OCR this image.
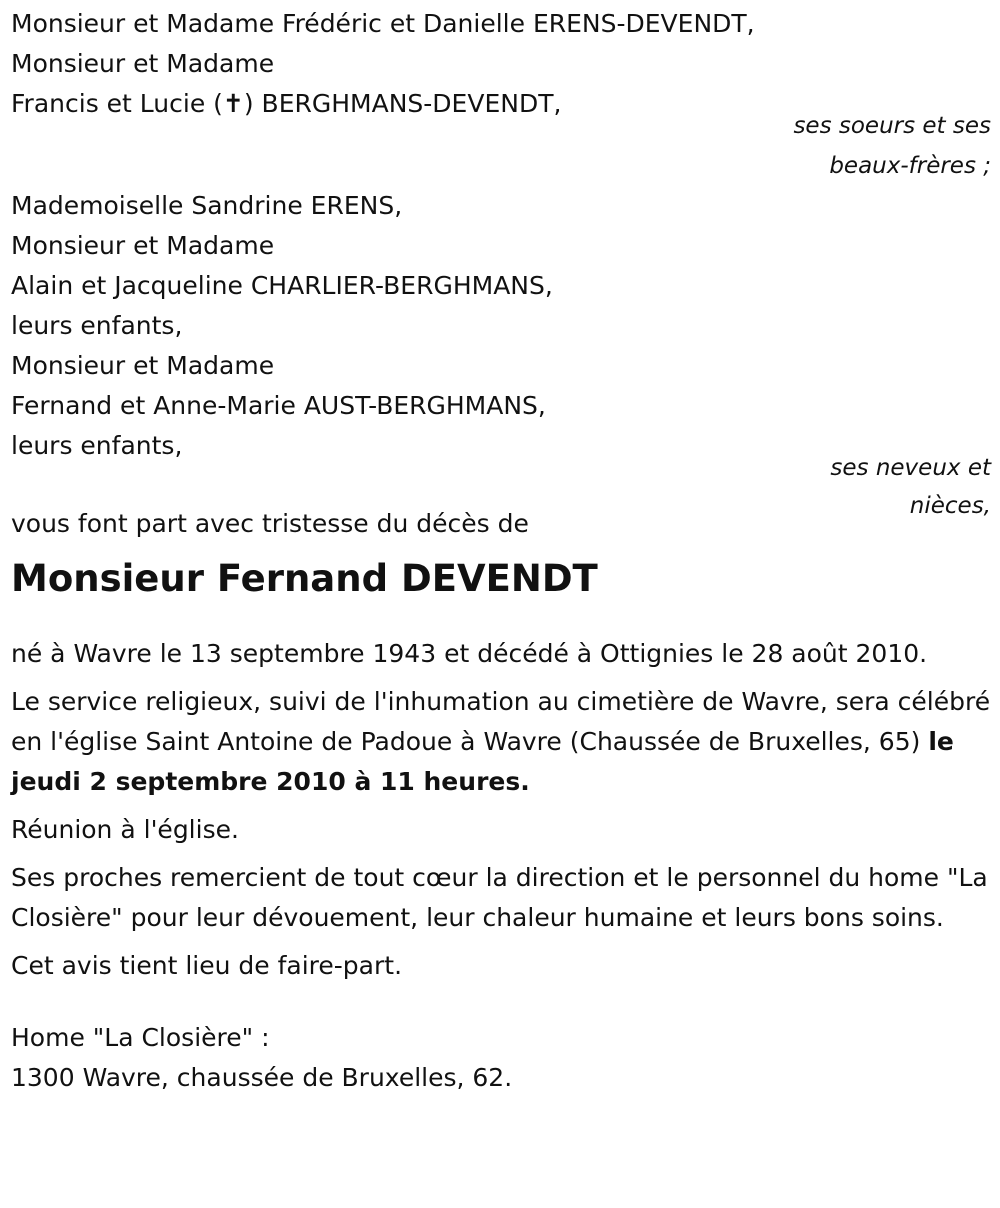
Monsieur et Madame Frédéric et Danielle ERENS-DEVENDT,
Monsieur et Madame
Francis et Lucie (✝) BERGHMANS-DEVENDT,
ses soeurs et ses
beaux-frères ;
Mademoiselle Sandrine ERENS,
Monsieur et Madame
Alain et Jacqueline CHARLIER-BERGHMANS,
leurs enfants,
Monsieur et Madame
Fernand et Anne-Marie AUST-BERGHMANS,
leurs enfants,
ses neveux et
vous font part avec tristesse du décès de
nièces,
Monsieur Fernand DEVENDT
né à Wavre le 13 septembre 1943 et décédé à Ottignies le 28 août 2010.
Le service religieux, suivi de l'inhumation au cimetière de Wavre, sera célébré en l'église Saint Antoine de Padoue à Wavre (Chaussée de Bruxelles, 65) le jeudi 2 septembre 2010 à 11 heures.
Réunion à l'église.
Ses proches remercient de tout cœur la direction et le personnel du home "La Closière" pour leur dévouement, leur chaleur humaine et leurs bons soins.
Cet avis tient lieu de faire-part.
Home "La Closière" :
1300 Wavre, chaussée de Bruxelles, 62.
